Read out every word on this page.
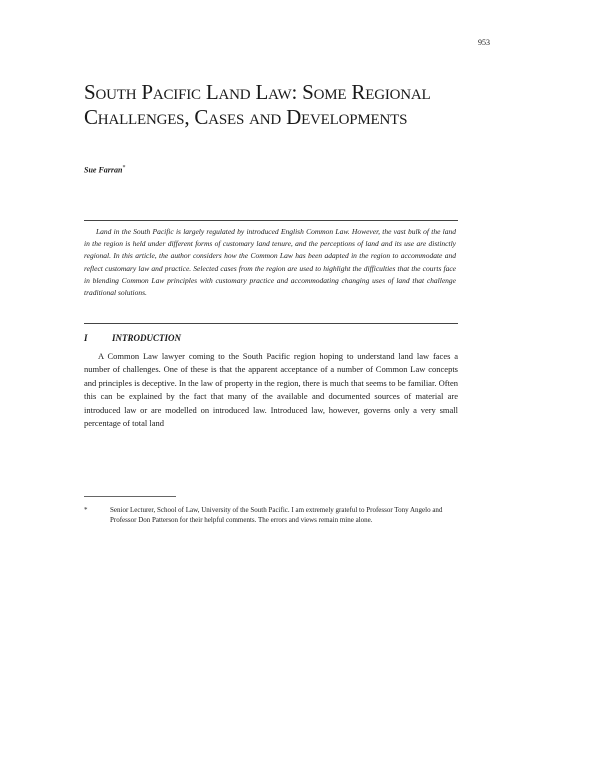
953
South Pacific Land Law: Some Regional Challenges, Cases and Developments
Sue Farran*

Land in the South Pacific is largely regulated by introduced English Common Law. However, the vast bulk of the land in the region is held under different forms of customary land tenure, and the perceptions of land and its use are distinctly regional. In this article, the author considers how the Common Law has been adapted in the region to accommodate and reflect customary law and practice. Selected cases from the region are used to highlight the difficulties that the courts face in blending Common Law principles with customary practice and accommodating changing uses of land that challenge traditional solutions.

I	INTRODUCTION

A Common Law lawyer coming to the South Pacific region hoping to understand land law faces a number of challenges. One of these is that the apparent acceptance of a number of Common Law concepts and principles is deceptive. In the law of property in the region, there is much that seems to be familiar. Often this can be explained by the fact that many of the available and documented sources of material are introduced law or are modelled on introduced law. Introduced law, however, governs only a very small percentage of total land

*	Senior Lecturer, School of Law, University of the South Pacific. I am extremely grateful to Professor Tony Angelo and Professor Don Patterson for their helpful comments. The errors and views remain mine alone.
